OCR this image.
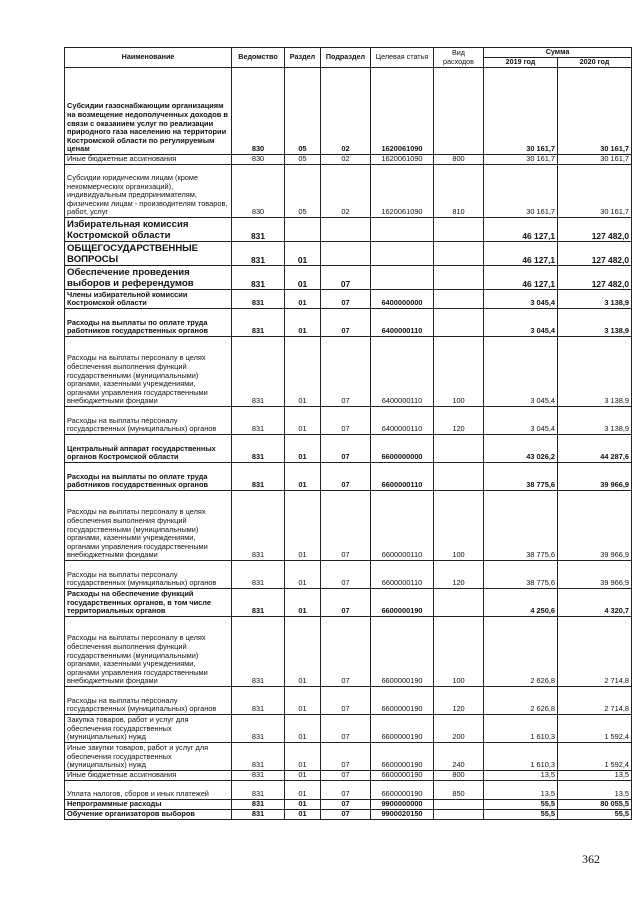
Наименование	Ведомство	Раздел	Подраздел	Целевая статья	Вид расходов	Сумма	
						2019 год	2020 год
Субсидии газоснабжающим организациям на возмещение недополученных доходов в связи с оказанием услуг по реализации природного газа населению на территории Костромской области по регулируемым ценам	830	05	02	1620061090		30 161,7	30 161,7
Иные бюджетные ассигнования	830	05	02	1620061090	800	30 161,7	30 161,7
Субсидии юридическим лицам (кроме некоммерческих организаций), индивидуальным предпринимателям, физическим лицам - производителям товаров, работ, услуг	830	05	02	1620061090	810	30 161,7	30 161,7
Избирательная комиссия Костромской области	831					46 127,1	127 482,0
ОБЩЕГОСУДАРСТВЕННЫЕ ВОПРОСЫ	831	01				46 127,1	127 482,0
Обеспечение проведения выборов и референдумов	831	01	07			46 127,1	127 482,0
Члены избирательной комиссии Костромской области	831	01	07	6400000000		3 045,4	3 138,9
Расходы на выплаты по оплате труда работников государственных органов	831	01	07	6400000110		3 045,4	3 138,9
Расходы на выплаты персоналу в целях обеспечения выполнения функций государственными (муниципальными) органами, казенными учреждениями, органами управления государственными внебюджетными фондами	831	01	07	6400000110	100	3 045,4	3 138,9
Расходы на выплаты персоналу государственных (муниципальных) органов	831	01	07	6400000110	120	3 045,4	3 138,9
Центральный аппарат государственных органов Костромской области	831	01	07	6600000000		43 026,2	44 287,6
Расходы на выплаты по оплате труда работников государственных органов	831	01	07	6600000110		38 775,6	39 966,9
Расходы на выплаты персоналу в целях обеспечения выполнения функций государственными (муниципальными) органами, казенными учреждениями, органами управления государственными внебюджетными фондами	831	01	07	6600000110	100	38 775,6	39 966,9
Расходы на выплаты персоналу государственных (муниципальных) органов	831	01	07	6600000110	120	38 775,6	39 966,9
Расходы на обеспечение функций государственных органов, в том числе территориальных органов	831	01	07	6600000190		4 250,6	4 320,7
Расходы на выплаты персоналу в целях обеспечения выполнения функций государственными (муниципальными) органами, казенными учреждениями, органами управления государственными внебюджетными фондами	831	01	07	6600000190	100	2 626,8	2 714,8
Расходы на выплаты персоналу государственных (муниципальных) органов	831	01	07	6600000190	120	2 626,8	2 714,8
Закупка товаров, работ и услуг для обеспечения государственных (муниципальных) нужд	831	01	07	6600000190	200	1 610,3	1 592,4
Иные закупки товаров, работ и услуг для обеспечения государственных (муниципальных) нужд	831	01	07	6600000190	240	1 610,3	1 592,4
Иные бюджетные ассигнования	831	01	07	6600000190	800	13,5	13,5
Уплата налогов, сборов и иных платежей	831	01	07	6600000190	850	13,5	13,5
Непрограммные расходы	831	01	07	9900000000		55,5	80 055,5
Обучение организаторов выборов	831	01	07	9900020150		55,5	55,5
362
